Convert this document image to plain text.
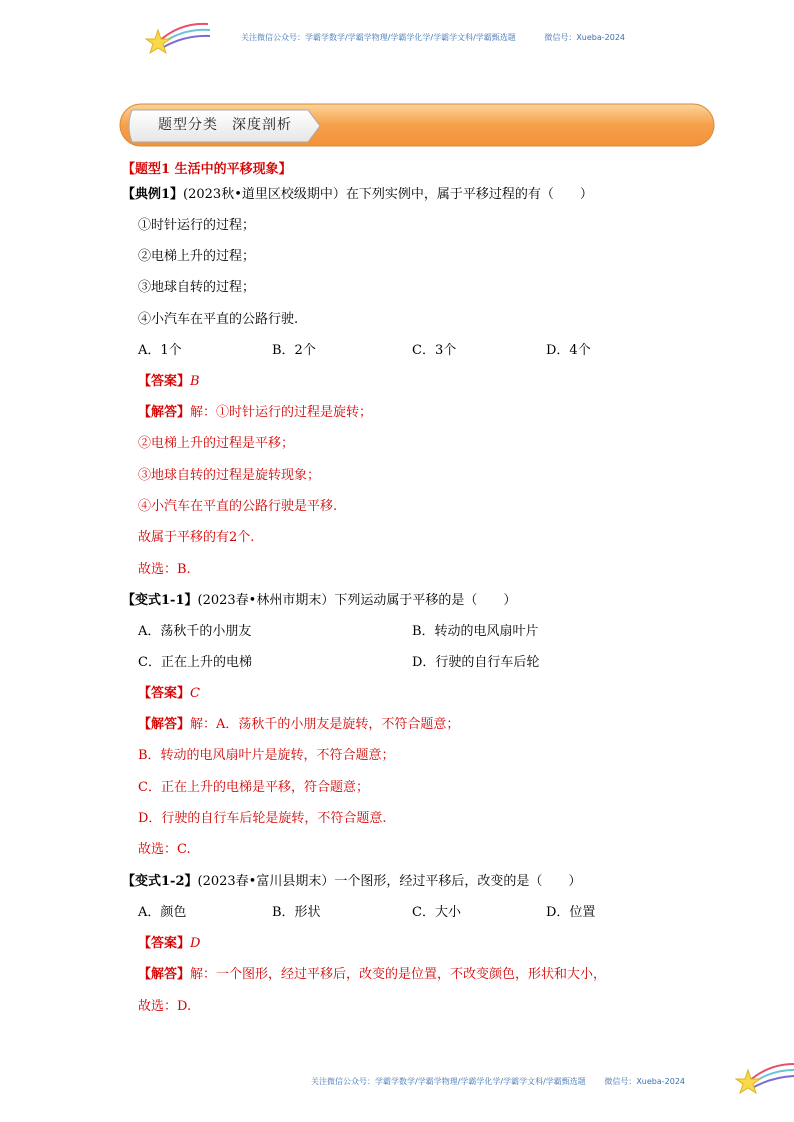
关注微信公众号：学霸学数学/学霸学物理/学霸学化学/学霸学文科/学霸甄选题	微信号：Xueba-2024
题型分类 深度剖析
【题型1 生活中的平移现象】
【典例1】(2023秋•道里区校级期中）在下列实例中，属于平移过程的有（　　）
①时针运行的过程；
②电梯上升的过程；
③地球自转的过程；
④小汽车在平直的公路行驶.
A．1个	B．2个	C．3个	D．4个
【答案】B
【解答】解：①时针运行的过程是旋转；
②电梯上升的过程是平移；
③地球自转的过程是旋转现象；
④小汽车在平直的公路行驶是平移.
故属于平移的有2个.
故选：B.
【变式1-1】(2023春•林州市期末）下列运动属于平移的是（　　）
A．荡秋千的小朋友	B．转动的电风扇叶片
C．正在上升的电梯	D．行驶的自行车后轮
【答案】C
【解答】解：A．荡秋千的小朋友是旋转，不符合题意；
B．转动的电风扇叶片是旋转，不符合题意；
C．正在上升的电梯是平移，符合题意；
D．行驶的自行车后轮是旋转，不符合题意.
故选：C.
【变式1-2】(2023春•富川县期末）一个图形，经过平移后，改变的是（　　）
A．颜色	B．形状	C．大小	D．位置
【答案】D
【解答】解：一个图形，经过平移后，改变的是位置，不改变颜色，形状和大小，
故选：D.
关注微信公众号：学霸学数学/学霸学物理/学霸学化学/学霸学文科/学霸甄选题 微信号：Xueba-2024
